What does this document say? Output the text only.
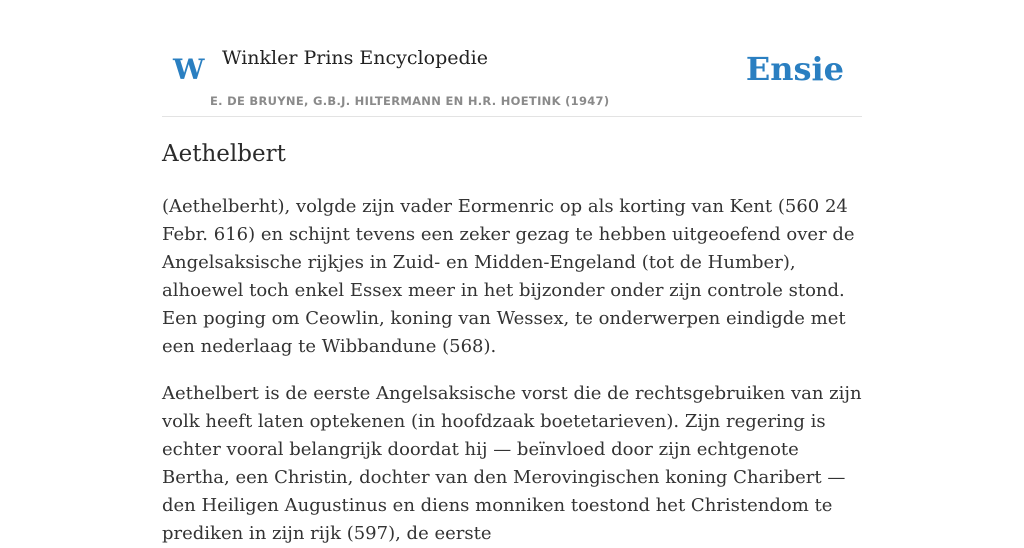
W Winkler Prins Encyclopedie
E. DE BRUYNE, G.B.J. HILTERMANN EN H.R. HOETINK (1947)
Ensie
Aethelbert

(Aethelberht), volgde zijn vader Eormenric op als korting van Kent (560 24 Febr. 616) en schijnt tevens een zeker gezag te hebben uitgeoefend over de Angelsaksische rijkjes in Zuid- en Midden-Engeland (tot de Humber), alhoewel toch enkel Essex meer in het bijzonder onder zijn controle stond. Een poging om Ceowlin, koning van Wessex, te onderwerpen eindigde met een nederlaag te Wibbandune (568).

Aethelbert is de eerste Angelsaksische vorst die de rechtsgebruiken van zijn volk heeft laten optekenen (in hoofdzaak boetetarieven). Zijn regering is echter vooral belangrijk doordat hij — beïnvloed door zijn echtgenote Bertha, een Christin, dochter van den Merovingischen koning Charibert — den Heiligen Augustinus en diens monniken toestond het Christendom te prediken in zijn rijk (597), de eerste
